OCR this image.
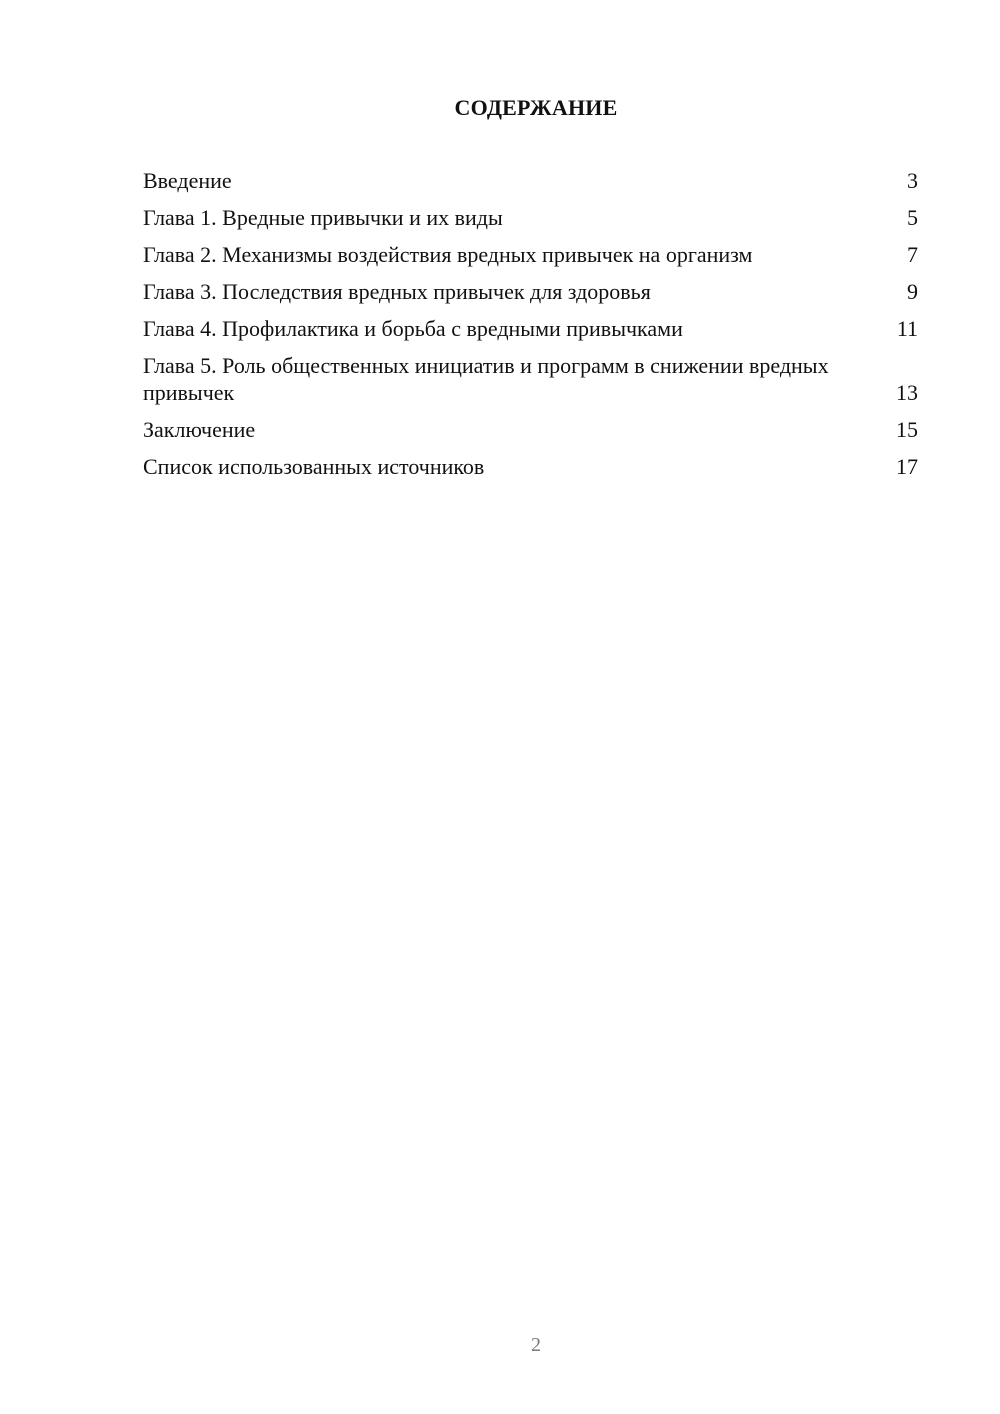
СОДЕРЖАНИЕ
Введение	3
Глава 1. Вредные привычки и их виды	5
Глава 2. Механизмы воздействия вредных привычек на организм	7
Глава 3. Последствия вредных привычек для здоровья	9
Глава 4. Профилактика и борьба с вредными привычками	11
Глава 5. Роль общественных инициатив и программ в снижении вредных привычек	13
Заключение	15
Список использованных источников	17
2
